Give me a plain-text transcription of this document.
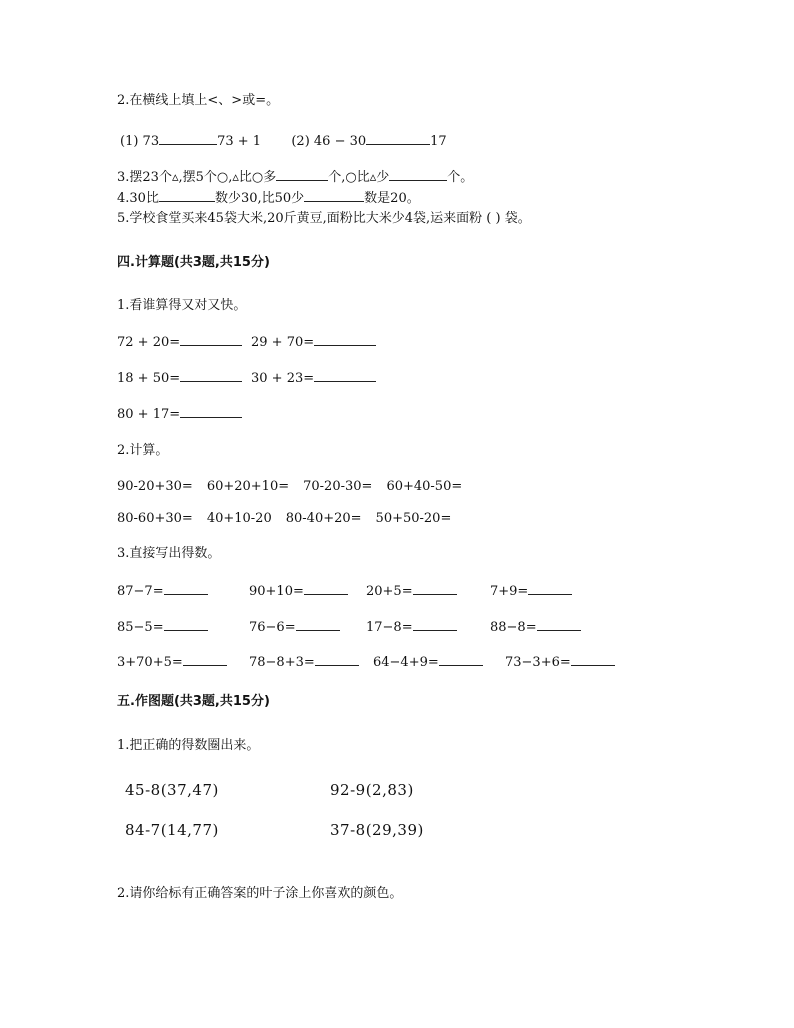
2.在横线上填上<、>或=。
(1) 73	73 + 1 (2) 46 − 30	17
3.摆23个▵,摆5个○,▵比○多	个,○比▵少	个。
4.30比	数少30,比50少	数是20。
5.学校食堂买来45袋大米,20斤黄豆,面粉比大米少4袋,运来面粉 ( ) 袋。
四.计算题(共3题,共15分)
1.看谁算得又对又快。
72 + 20=	29 + 70=
18 + 50=	30 + 23=
80 + 17=
2.计算。
90-20+30= 60+20+10= 70-20-30= 60+40-50=
80-60+30= 40+10-20 80-40+20= 50+50-20=
3.直接写出得数。
87−7=	90+10=	20+5=	7+9=
85−5=	76−6=	17−8=	88−8=
3+70+5=	78−8+3=	64−4+9=	73−3+6=
五.作图题(共3题,共15分)
1.把正确的得数圈出来。
45-8(37,47)	92-9(2,83)
84-7(14,77)	37-8(29,39)
2.请你给标有正确答案的叶子涂上你喜欢的颜色。
